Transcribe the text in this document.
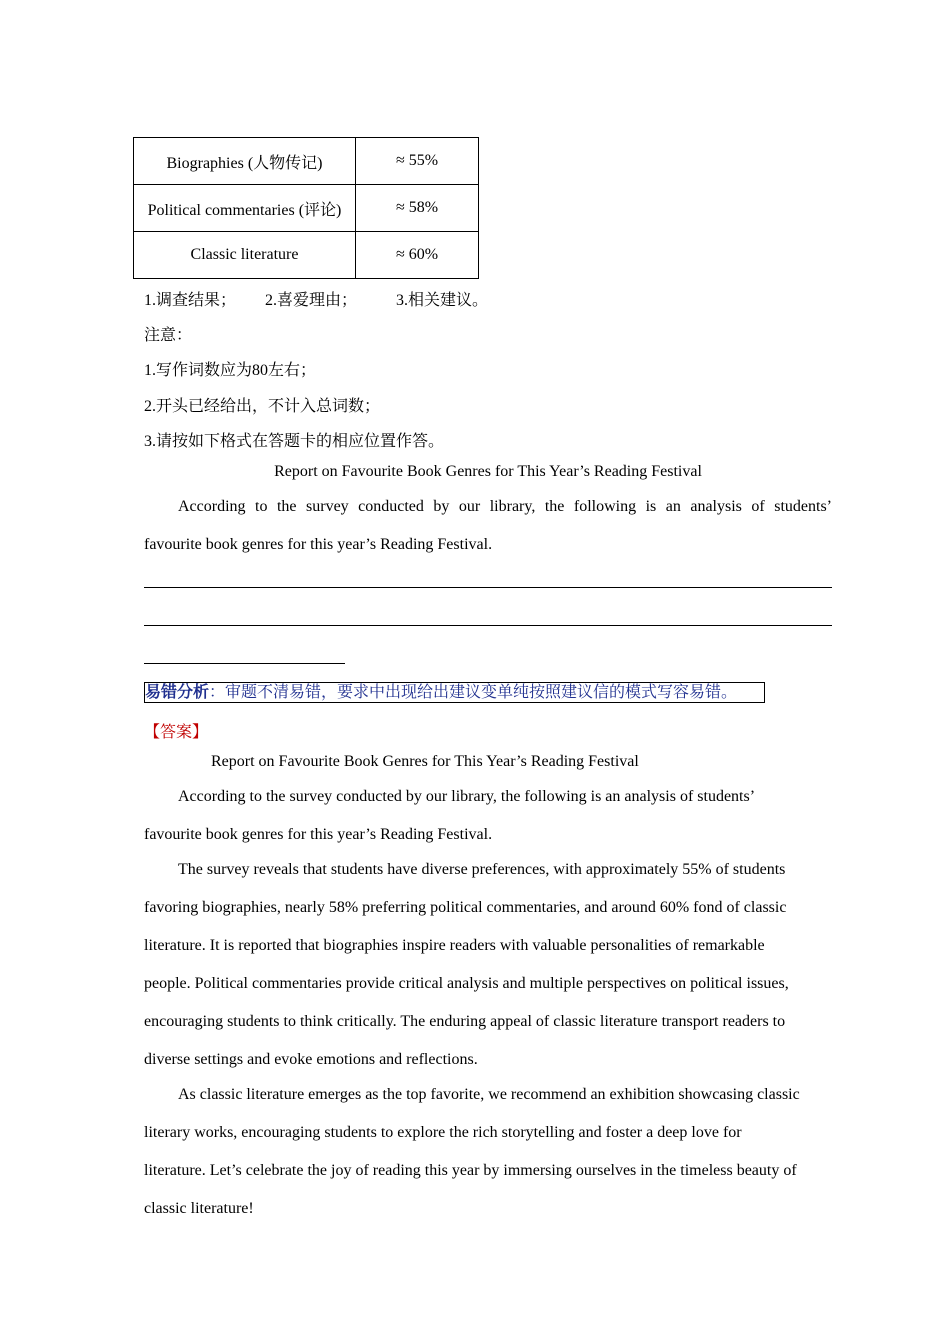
Biographies (人物传记)	≈ 55%
Political commentaries (评论)	≈ 58%
Classic literature	≈ 60%
1.调查结果； 2.喜爱理由； 3.相关建议。
注意：
1.写作词数应为80左右；
2.开头已经给出，不计入总词数；
3.请按如下格式在答题卡的相应位置作答。
Report on Favourite Book Genres for This Year’s Reading Festival
According to the survey conducted by our library, the following is an analysis of students’
favourite book genres for this year’s Reading Festival.
易错分析：审题不清易错，要求中出现给出建议变单纯按照建议信的模式写容易错。
【答案】
Report on Favourite Book Genres for This Year’s Reading Festival
According to the survey conducted by our library, the following is an analysis of students’
favourite book genres for this year’s Reading Festival.
The survey reveals that students have diverse preferences, with approximately 55% of students
favoring biographies, nearly 58% preferring political commentaries, and around 60% fond of classic
literature. It is reported that biographies inspire readers with valuable personalities of remarkable
people. Political commentaries provide critical analysis and multiple perspectives on political issues,
encouraging students to think critically. The enduring appeal of classic literature transport readers to
diverse settings and evoke emotions and reflections.
As classic literature emerges as the top favorite, we recommend an exhibition showcasing classic
literary works, encouraging students to explore the rich storytelling and foster a deep love for
literature. Let’s celebrate the joy of reading this year by immersing ourselves in the timeless beauty of
classic literature!
